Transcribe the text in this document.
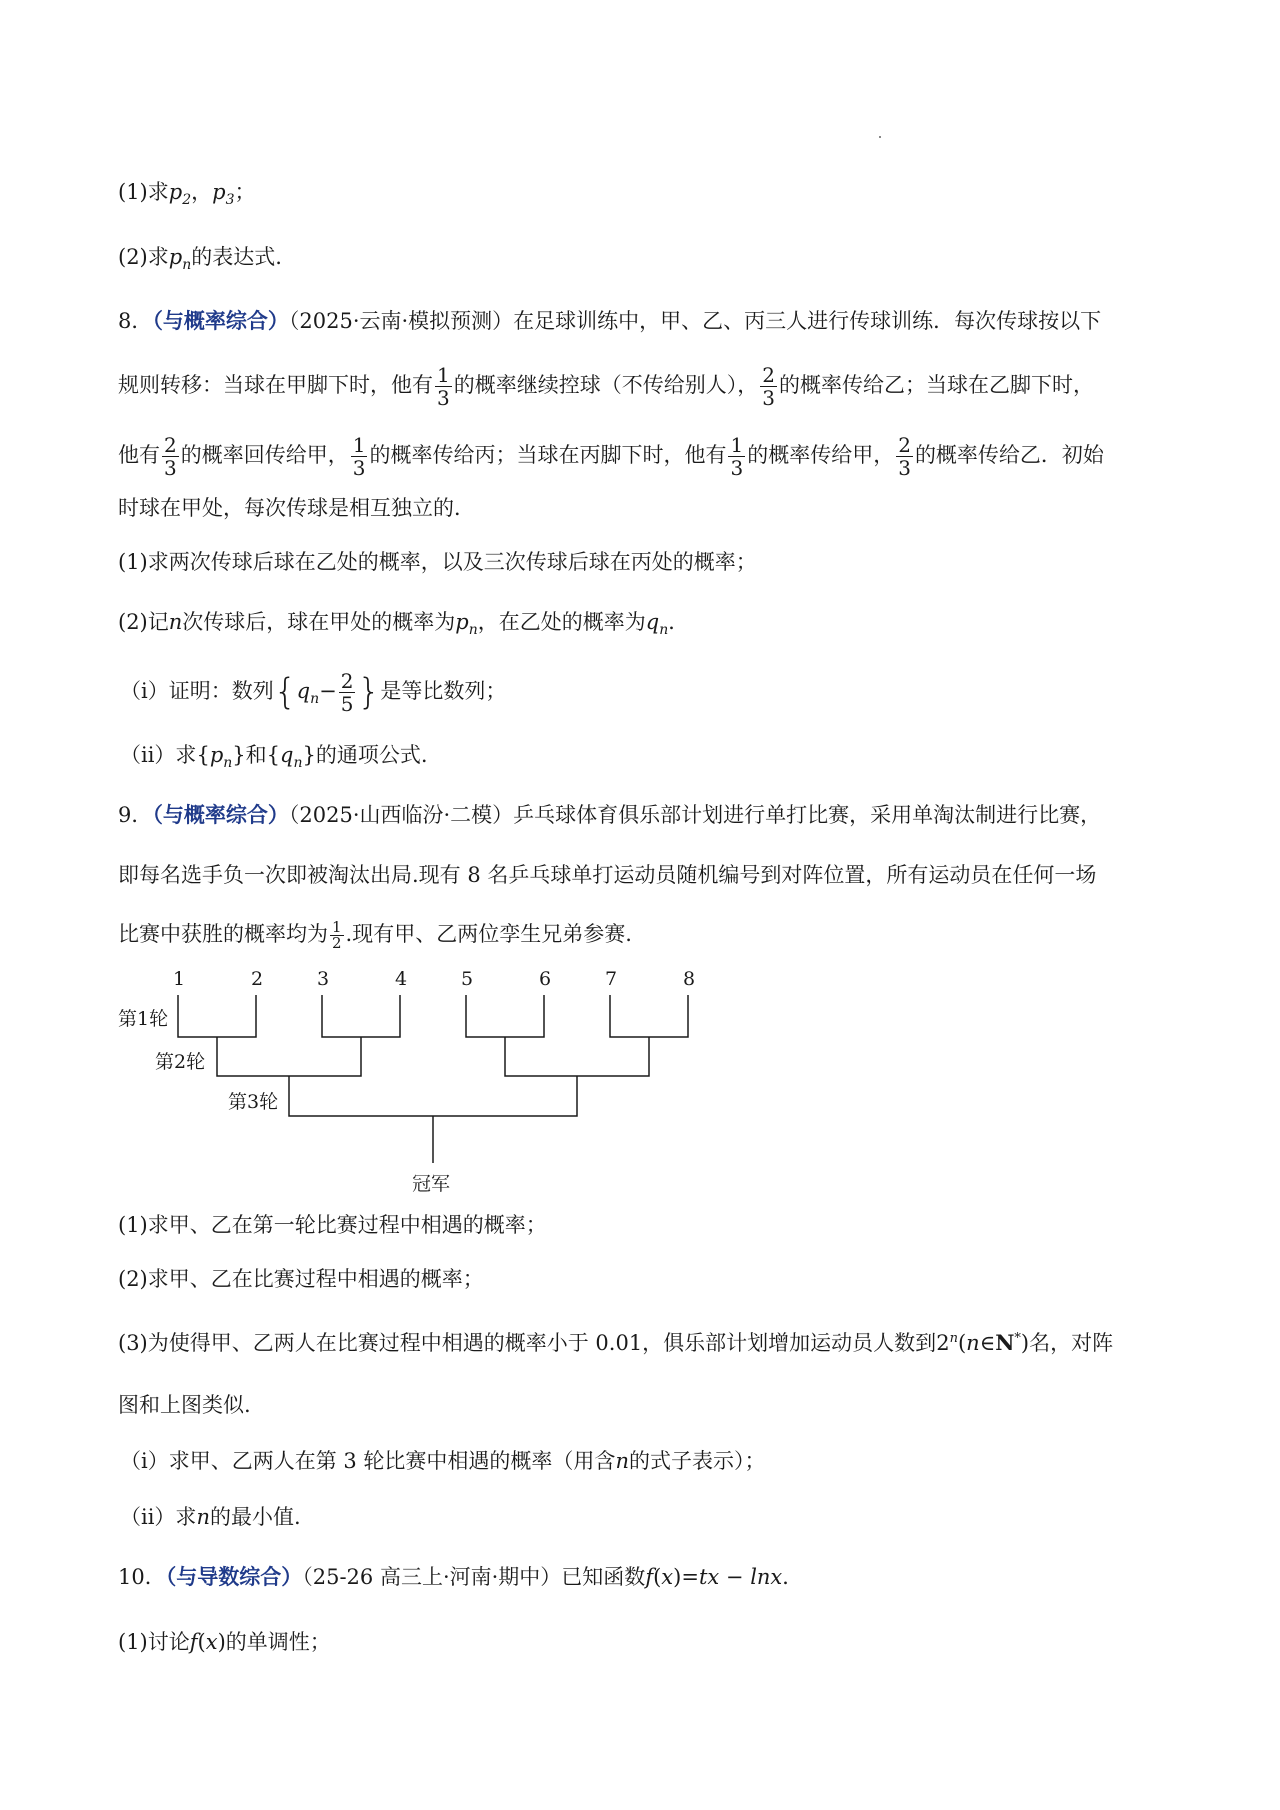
(1)求$p_2$，$p_3$；
(2)求$p_n$的表达式.
8．（与概率综合）（2025·云南·模拟预测）在足球训练中，甲、乙、丙三人进行传球训练．每次传球按以下
规则转移：当球在甲脚下时，他有 $\frac{1}{3}$ 的概率继续控球（不传给别人）， $\frac{2}{3}$ 的概率传给乙；当球在乙脚下时，
他有 $\frac{2}{3}$ 的概率回传给甲， $\frac{1}{3}$ 的概率传给丙；当球在丙脚下时，他有 $\frac{1}{3}$ 的概率传给甲， $\frac{2}{3}$ 的概率传给乙．初始
时球在甲处，每次传球是相互独立的．
(1)求两次传球后球在乙处的概率，以及三次传球后球在丙处的概率；
(2)记n次传球后，球在甲处的概率为$p_n$，在乙处的概率为$q_n$．
（i）证明：数列{$q_n- \frac{2}{5}$ }是等比数列；
（ii）求$\{p_n\}$和$\{q_n\}$的通项公式.
9．（与概率综合）（2025·山西临汾·二模）乒乓球体育俱乐部计划进行单打比赛，采用单淘汰制进行比赛，
即每名选手负一次即被淘汰出局.现有 8 名乒乓球单打运动员随机编号到对阵位置，所有运动员在任何一场
比赛中获胜的概率均为 $\frac{1}{2}$ .现有甲、乙两位孪生兄弟参赛.
1	2	3	4	5	6	7	8
第1轮
第2轮
第3轮
冠军
(1)求甲、乙在第一轮比赛过程中相遇的概率；
(2)求甲、乙在比赛过程中相遇的概率；
(3)为使得甲、乙两人在比赛过程中相遇的概率小于 0.01，俱乐部计划增加运动员人数到2$^n$(n∈N*)名，对阵
图和上图类似.
（i）求甲、乙两人在第 3 轮比赛中相遇的概率（用含n的式子表示）；
（ii）求n的最小值.
10．（与导数综合）（25-26 高三上·河南·期中）已知函数f(x)=tx − lnx．
(1)讨论f(x)的单调性；
